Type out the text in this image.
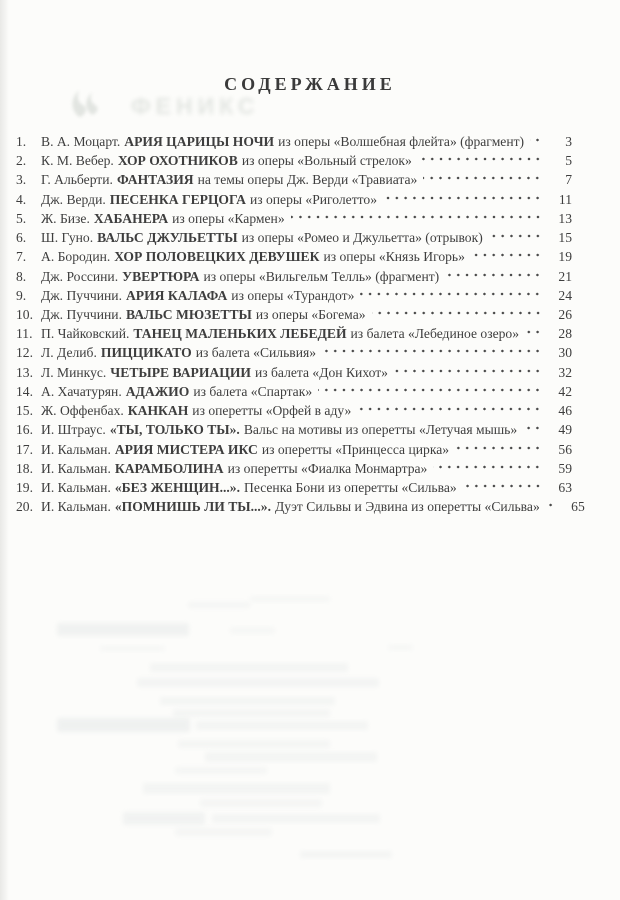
СОДЕРЖАНИЕ
ФЕНИКС
1.	В. А. Моцарт. АРИЯ ЦАРИЦЫ НОЧИ из оперы «Волшебная флейта» (фрагмент)	3
2.	К. М. Вебер. ХОР ОХОТНИКОВ из оперы «Вольный стрелок»	5
3.	Г. Альберти. ФАНТАЗИЯ на темы оперы Дж. Верди «Травиата»	7
4.	Дж. Верди. ПЕСЕНКА ГЕРЦОГА из оперы «Риголетто»	11
5.	Ж. Бизе. ХАБАНЕРА из оперы «Кармен»	13
6.	Ш. Гуно. ВАЛЬС ДЖУЛЬЕТТЫ из оперы «Ромео и Джульетта» (отрывок)	15
7.	А. Бородин. ХОР ПОЛОВЕЦКИХ ДЕВУШЕК из оперы «Князь Игорь»	19
8.	Дж. Россини. УВЕРТЮРА из оперы «Вильгельм Телль» (фрагмент)	21
9.	Дж. Пуччини. АРИЯ КАЛАФА из оперы «Турандот»	24
10. Дж. Пуччини. ВАЛЬС МЮЗЕТТЫ из оперы «Богема»	26
11. П. Чайковский. ТАНЕЦ МАЛЕНЬКИХ ЛЕБЕДЕЙ из балета «Лебединое озеро»	28
12. Л. Делиб. ПИЦЦИКАТО из балета «Сильвия»	30
13. Л. Минкус. ЧЕТЫРЕ ВАРИАЦИИ из балета «Дон Кихот»	32
14. А. Хачатурян. АДАЖИО из балета «Спартак»	42
15. Ж. Оффенбах. КАНКАН из оперетты «Орфей в аду»	46
16. И. Штраус. «ТЫ, ТОЛЬКО ТЫ». Вальс на мотивы из оперетты «Летучая мышь»	49
17. И. Кальман. АРИЯ МИСТЕРА ИКС из оперетты «Принцесса цирка»	56
18. И. Кальман. КАРАМБОЛИНА из оперетты «Фиалка Монмартра»	59
19. И. Кальман. «БЕЗ ЖЕНЩИН...». Песенка Бони из оперетты «Сильва»	63
20. И. Кальман. «ПОМНИШЬ ЛИ ТЫ...». Дуэт Сильвы и Эдвина из оперетты «Сильва»	65
